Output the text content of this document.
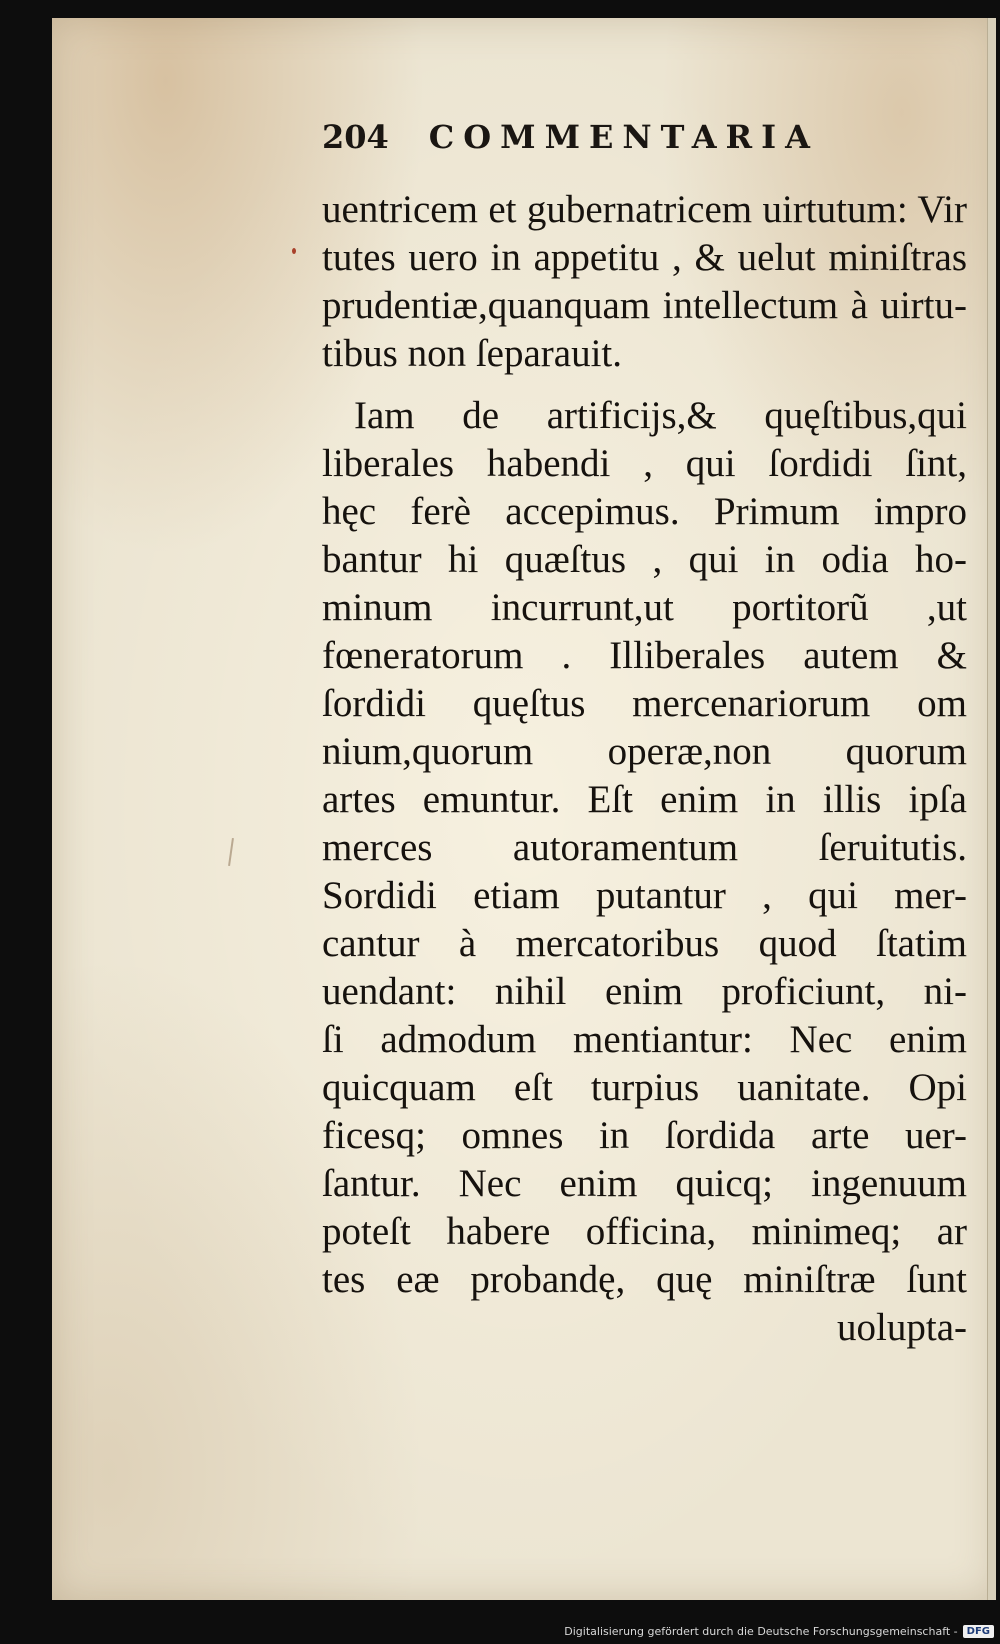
204 COMMENTARIA
uentricem et gubernatricem uirtutum: Vir
tutes uero in appetitu , & uelut miniſtras
prudentiæ,quanquam intellectum à uirtu-
tibus non ſeparauit.
Iam de artificijs,& quęſtibus,qui
liberales habendi , qui ſordidi ſint,
hęc ferè accepimus. Primum impro
bantur hi quæſtus , qui in odia ho-
minum incurrunt,ut portitorũ ,ut
fœneratorum . Illiberales autem &
ſordidi quęſtus mercenariorum om
nium,quorum operæ,non quorum
artes emuntur. Eſt enim in illis ipſa
merces autoramentum ſeruitutis.
Sordidi etiam putantur , qui mer-
cantur à mercatoribus quod ſtatim
uendant: nihil enim proficiunt, ni-
ſi admodum mentiantur: Nec enim
quicquam eſt turpius uanitate. Opi
ficesq; omnes in ſordida arte uer-
ſantur. Nec enim quicq; ingenuum
poteſt habere officina, minimeq; ar
tes eæ probandę, quę miniſtræ ſunt
uolupta-
Digitalisierung gefördert durch die Deutsche Forschungsgemeinschaft - DFG
